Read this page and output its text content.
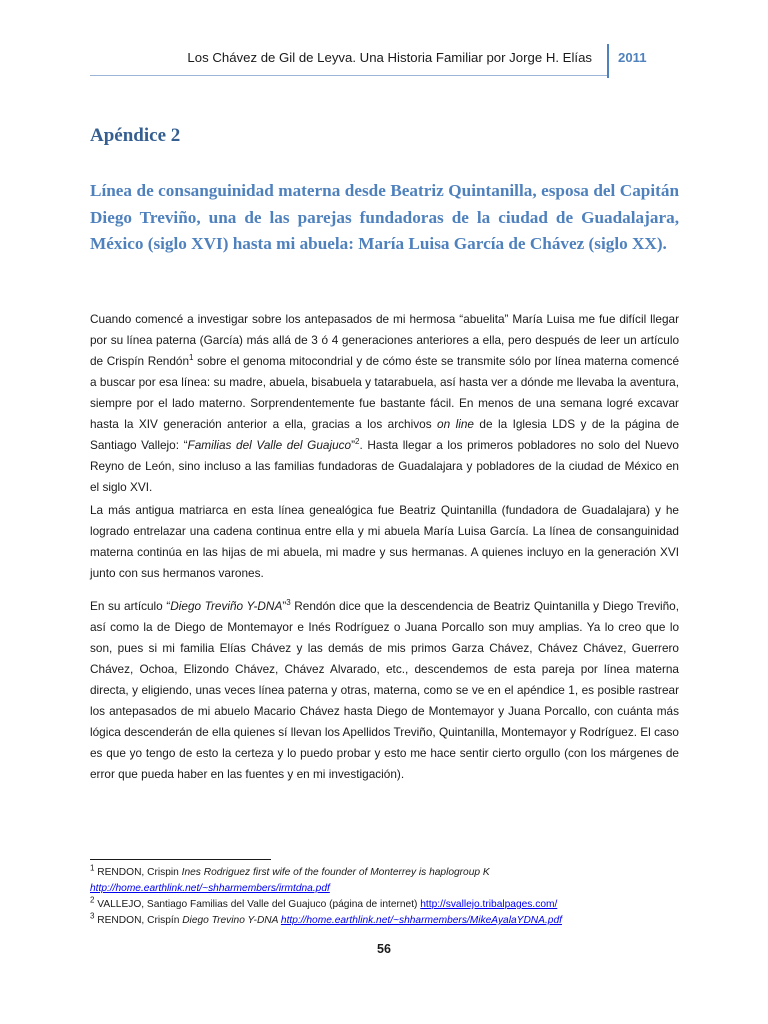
Los Chávez de Gil de Leyva. Una Historia Familiar por Jorge H. Elías 2011
Apéndice 2
Línea de consanguinidad materna desde Beatriz Quintanilla, esposa del Capitán Diego Treviño, una de las parejas fundadoras de la ciudad de Guadalajara, México (siglo XVI) hasta mi abuela: María Luisa García de Chávez (siglo XX).

Cuando comencé a investigar sobre los antepasados de mi hermosa “abuelita” María Luisa me fue difícil llegar por su línea paterna (García) más allá de 3 ó 4 generaciones anteriores a ella, pero después de leer un artículo de Crispín Rendón$^1$ sobre el genoma mitocondrial y de cómo éste se transmite sólo por línea materna comencé a buscar por esa línea: su madre, abuela, bisabuela y tatarabuela, así hasta ver a dónde me llevaba la aventura, siempre por el lado materno. Sorprendentemente fue bastante fácil. En menos de una semana logré excavar hasta la XIV generación anterior a ella, gracias a los archivos on line de la Iglesia LDS y de la página de Santiago Vallejo: “Familias del Valle del Guajuco”$^2$. Hasta llegar a los primeros pobladores no solo del Nuevo Reyno de León, sino incluso a las familias fundadoras de Guadalajara y pobladores de la ciudad de México en el siglo XVI.

La más antigua matriarca en esta línea genealógica fue Beatriz Quintanilla (fundadora de Guadalajara) y he logrado entrelazar una cadena continua entre ella y mi abuela María Luisa García. La línea de consanguinidad materna continúa en las hijas de mi abuela, mi madre y sus hermanas. A quienes incluyo en la generación XVI junto con sus hermanos varones.

En su artículo “Diego Treviño Y-DNA”$^3$ Rendón dice que la descendencia de Beatriz Quintanilla y Diego Treviño, así como la de Diego de Montemayor e Inés Rodríguez o Juana Porcallo son muy amplias. Ya lo creo que lo son, pues si mi familia Elías Chávez y las demás de mis primos Garza Chávez, Chávez Chávez, Guerrero Chávez, Ochoa, Elizondo Chávez, Chávez Alvarado, etc., descendemos de esta pareja por línea materna directa, y eligiendo, unas veces línea paterna y otras, materna, como se ve en el apéndice 1, es posible rastrear los antepasados de mi abuelo Macario Chávez hasta Diego de Montemayor y Juana Porcallo, con cuánta más lógica descenderán de ella quienes sí llevan los Apellidos Treviño, Quintanilla, Montemayor y Rodríguez. El caso es que yo tengo de esto la certeza y lo puedo probar y esto me hace sentir cierto orgullo (con los márgenes de error que pueda haber en las fuentes y en mi investigación).

$^1$ RENDON, Crispin Ines Rodriguez first wife of the founder of Monterrey is haplogroup K
http://home.earthlink.net/~shharmembers/irmtdna.pdf
$^2$ VALLEJO, Santiago Familias del Valle del Guajuco (página de internet) http://svallejo.tribalpages.com/
$^3$ RENDON, Crispín Diego Trevino Y-DNA http://home.earthlink.net/~shharmembers/MikeAyalaYDNA.pdf
56
